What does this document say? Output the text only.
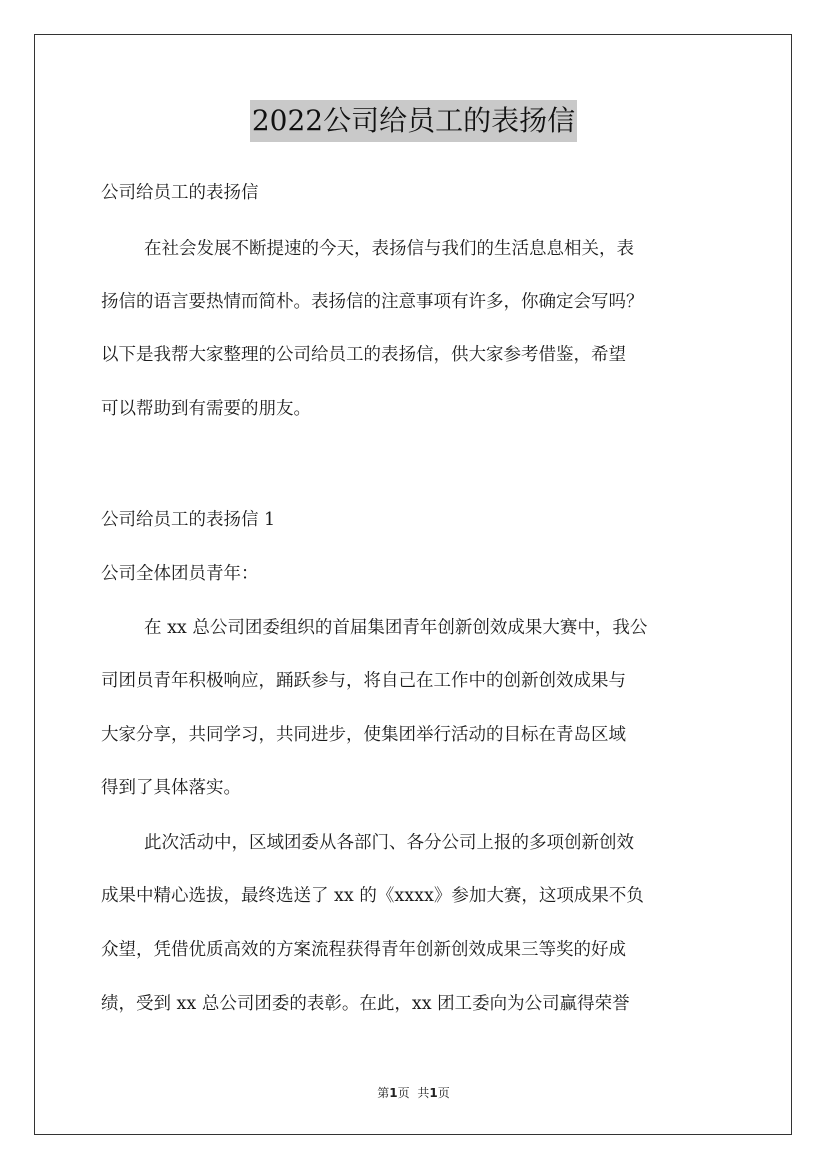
2022公司给员工的表扬信
公司给员工的表扬信
在社会发展不断提速的今天，表扬信与我们的生活息息相关，表
扬信的语言要热情而简朴。表扬信的注意事项有许多，你确定会写吗？
以下是我帮大家整理的公司给员工的表扬信，供大家参考借鉴，希望
可以帮助到有需要的朋友。
公司给员工的表扬信 1
公司全体团员青年：
在 xx 总公司团委组织的首届集团青年创新创效成果大赛中，我公
司团员青年积极响应，踊跃参与，将自己在工作中的创新创效成果与
大家分享，共同学习，共同进步，使集团举行活动的目标在青岛区域
得到了具体落实。
此次活动中，区域团委从各部门、各分公司上报的多项创新创效
成果中精心选拔，最终选送了 xx 的《xxxx》参加大赛，这项成果不负
众望，凭借优质高效的方案流程获得青年创新创效成果三等奖的好成
绩，受到 xx 总公司团委的表彰。在此，xx 团工委向为公司赢得荣誉
第1页 共1页
